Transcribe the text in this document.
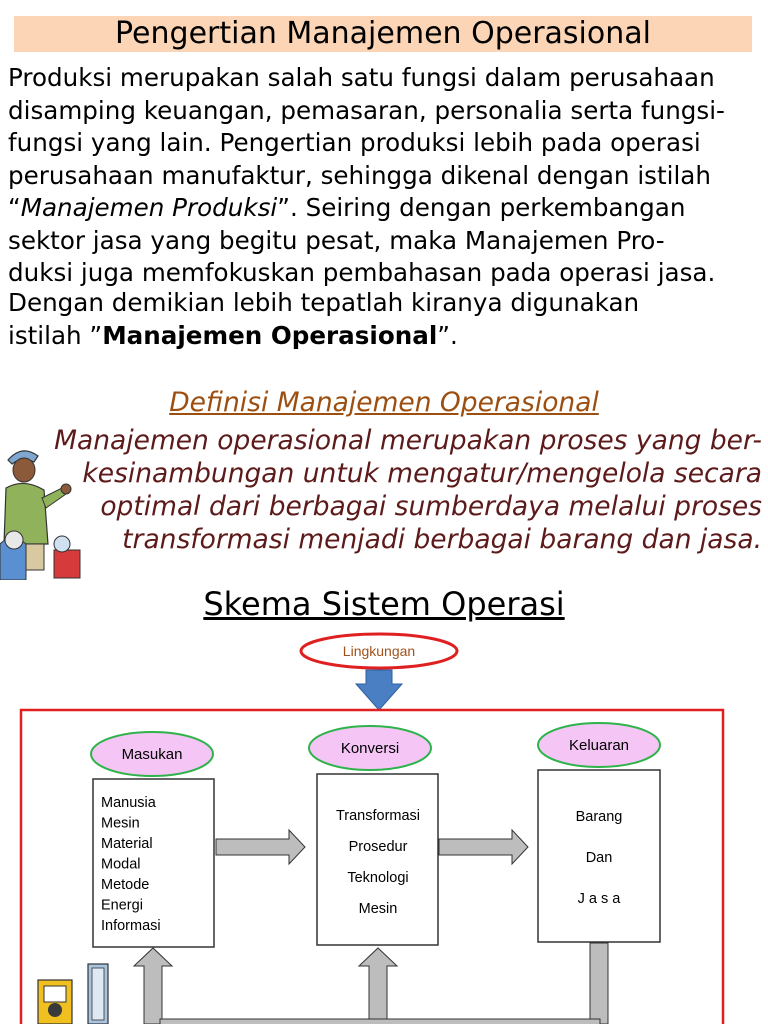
Pengertian Manajemen Operasional
Produksi merupakan salah satu fungsi dalam perusahaan
disamping keuangan, pemasaran, personalia serta fungsi-
fungsi yang lain. Pengertian produksi lebih pada operasi
perusahaan manufaktur, sehingga dikenal dengan istilah
“Manajemen Produksi”. Seiring dengan perkembangan
sektor jasa yang begitu pesat, maka Manajemen Pro-
duksi juga memfokuskan pembahasan pada operasi jasa.
Dengan demikian lebih tepatlah kiranya digunakan
istilah ”Manajemen Operasional”.
Definisi Manajemen Operasional
Manajemen operasional merupakan proses yang ber-
kesinambungan untuk mengatur/mengelola secara
optimal dari berbagai sumberdaya melalui proses
transformasi menjadi berbagai barang dan jasa.
Skema Sistem Operasi
Lingkungan
Masukan	Konversi	Keluaran
Manusia
Mesin
Material
Modal
Metode
Energi
Informasi
Transformasi
Prosedur
Teknologi
Mesin
Barang
Dan
J a s a
